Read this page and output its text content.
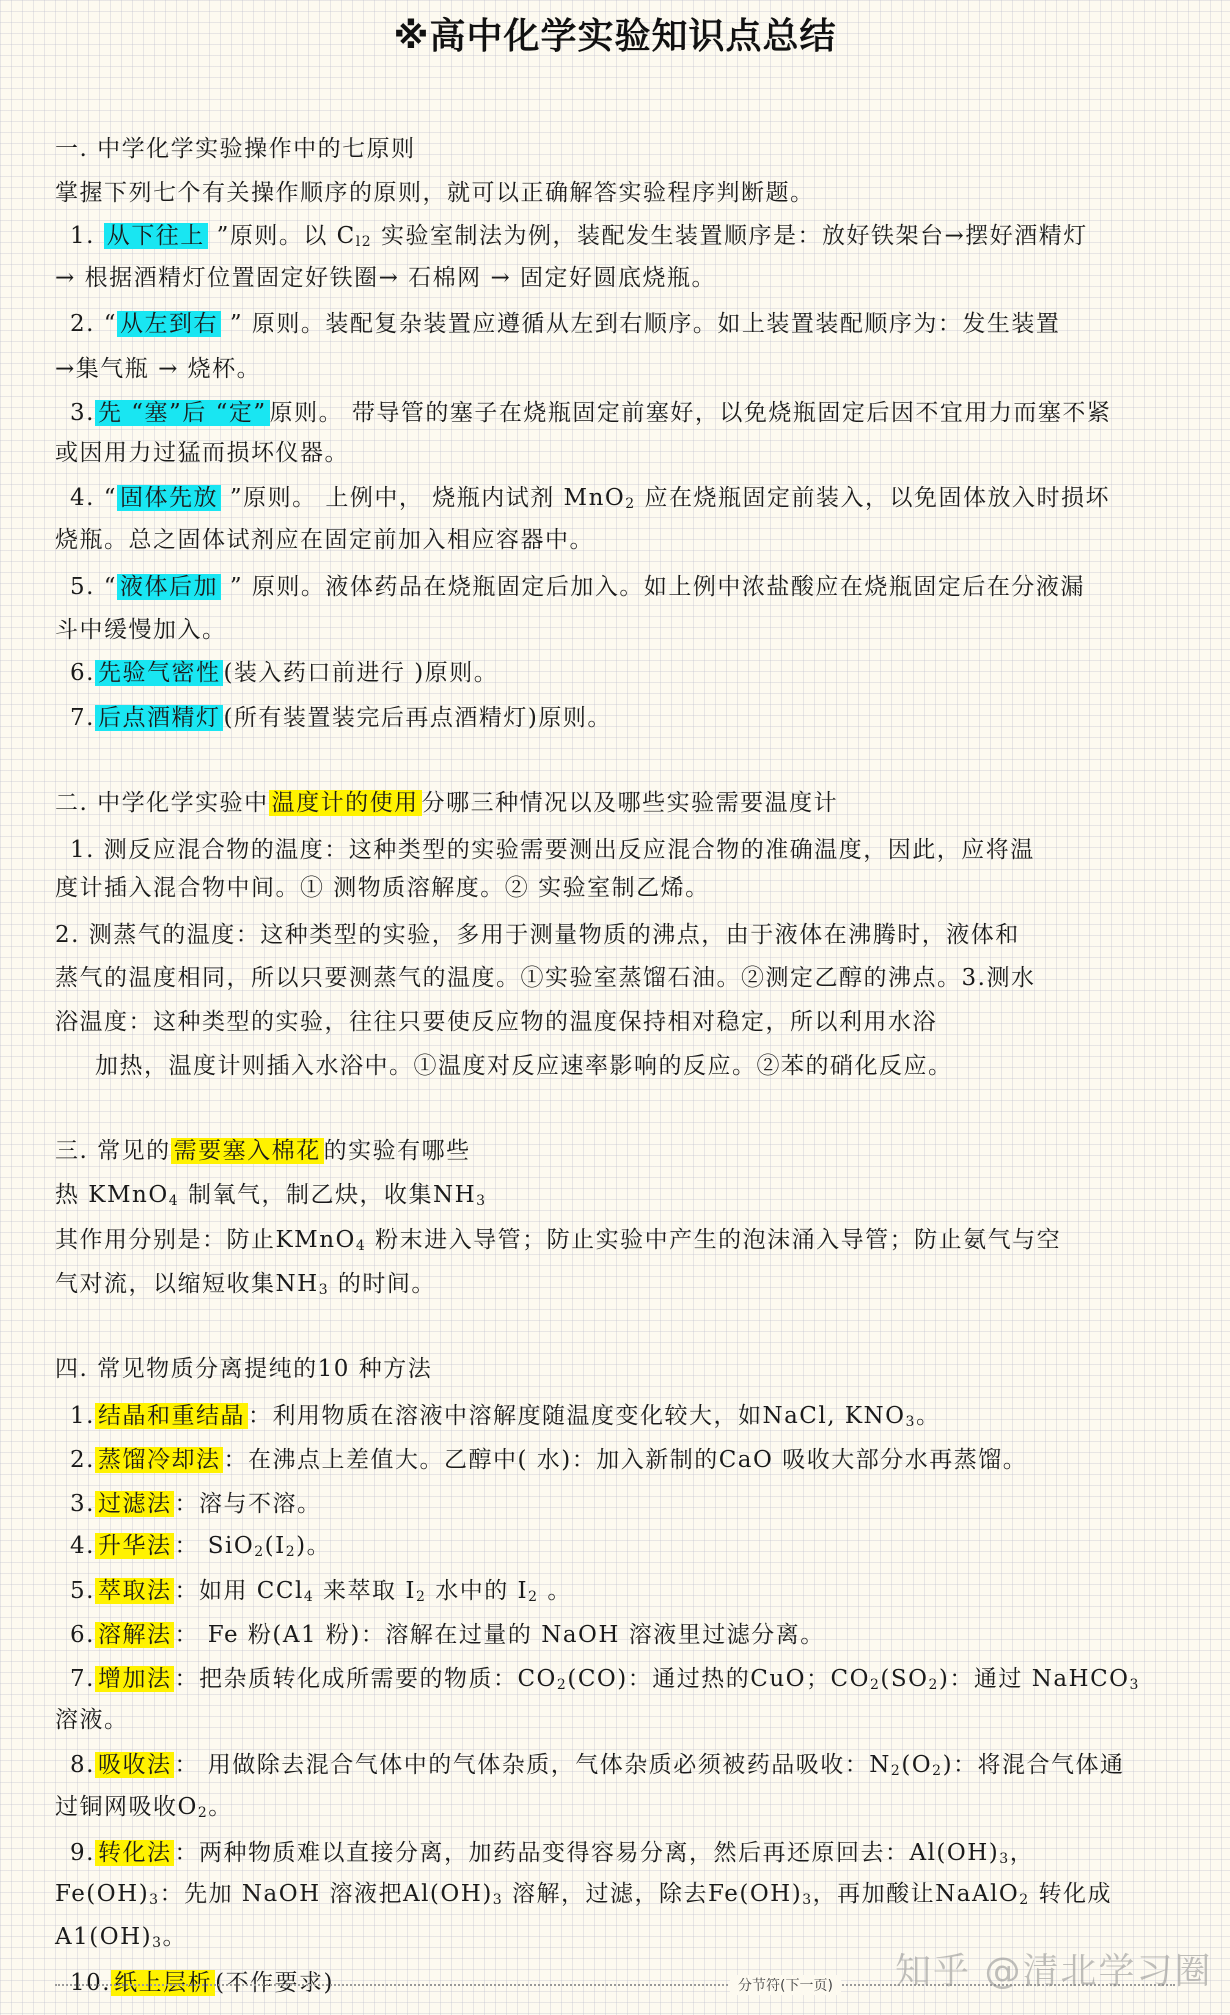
※高中化学实验知识点总结
一. 中学化学实验操作中的七原则
掌握下列七个有关操作顺序的原则，就可以正确解答实验程序判断题。
1. 从下往上 ”原则。以 $C_{l2}$ 实验室制法为例，装配发生装置顺序是：放好铁架台→摆好酒精灯
→ 根据酒精灯位置固定好铁圈→ 石棉网 → 固定好圆底烧瓶。
2. “ 从左到右 ” 原则。装配复杂装置应遵循从左到右顺序。如上装置装配顺序为：发生装置
→集气瓶 → 烧杯。
3. 先 “塞”后 “定” 原则。 带导管的塞子在烧瓶固定前塞好，以免烧瓶固定后因不宜用力而塞不紧
或因用力过猛而损坏仪器。
4. “ 固体先放 ”原则。 上例中， 烧瓶内试剂 MnO$_2$ 应在烧瓶固定前装入，以免固体放入时损坏
烧瓶。总之固体试剂应在固定前加入相应容器中。
5. “ 液体后加 ” 原则。液体药品在烧瓶固定后加入。如上例中浓盐酸应在烧瓶固定后在分液漏
斗中缓慢加入。
6. 先验气密性 (装入药口前进行 )原则。
7. 后点酒精灯 (所有装置装完后再点酒精灯)原则。
二. 中学化学实验中 温度计的使用 分哪三种情况以及哪些实验需要温度计
1. 测反应混合物的温度：这种类型的实验需要测出反应混合物的准确温度，因此，应将温
度计插入混合物中间。① 测物质溶解度。② 实验室制乙烯。
2. 测蒸气的温度：这种类型的实验，多用于测量物质的沸点，由于液体在沸腾时，液体和
蒸气的温度相同，所以只要测蒸气的温度。①实验室蒸馏石油。②测定乙醇的沸点。3.测水
浴温度：这种类型的实验，往往只要使反应物的温度保持相对稳定，所以利用水浴
加热，温度计则插入水浴中。①温度对反应速率影响的反应。②苯的硝化反应。
三. 常见的 需要塞入棉花 的实验有哪些
热 KMnO$_4$ 制氧气，制乙炔，收集$NH_3$
其作用分别是：防止KMnO$_4$ 粉末进入导管；防止实验中产生的泡沫涌入导管；防止氨气与空
气对流，以缩短收集$NH_3$ 的时间。
四. 常见物质分离提纯的10 种方法
1. 结晶和重结晶 ：利用物质在溶液中溶解度随温度变化较大，如NaCl, $KNO_3$。
2. 蒸馏冷却法 ：在沸点上差值大。乙醇中( 水)：加入新制的CaO 吸收大部分水再蒸馏。
3. 过滤法 ：溶与不溶。
4. 升华法 ： $SiO_2(I_2)$。
5. 萃取法 ：如用 CCl$_4$ 来萃取 $I_2$ 水中的 $I_2$ 。
6. 溶解法 ： Fe 粉(A1 粉)：溶解在过量的 NaOH 溶液里过滤分离。
7. 增加法 ：把杂质转化成所需要的物质：$CO_2(CO)$：通过热的CuO；$CO_2(SO_2)$：通过 NaHCO$_3$
溶液。
8. 吸收法 ： 用做除去混合气体中的气体杂质，气体杂质必须被药品吸收：$N_2(O_2)$：将混合气体通
过铜网吸收$O_2$。
9. 转化法 ：两种物质难以直接分离，加药品变得容易分离，然后再还原回去：$Al(OH)_3$，
$Fe(OH)_3$：先加 NaOH 溶液把$Al(OH)_3$ 溶解，过滤，除去$Fe(OH)_3$，再加酸让NaAlO$_2$ 转化成
$A1(OH)_3$。
10. 纸上层析 (不作要求)	分节符(下一页) 知乎 @清北学习圈
